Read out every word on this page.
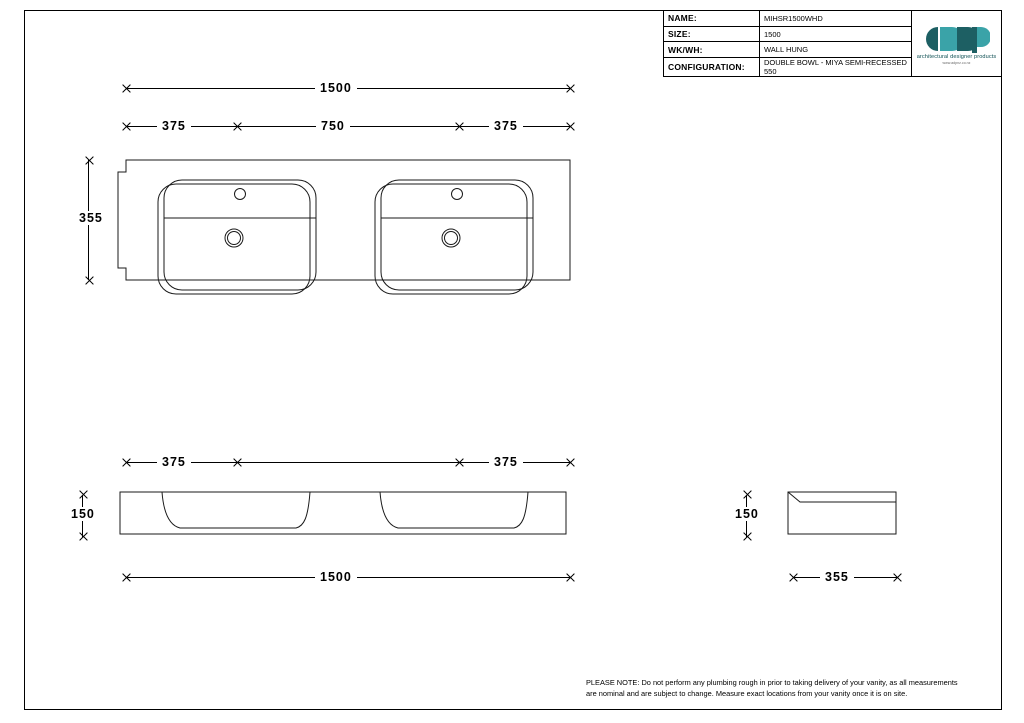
NAME:	MIHSR1500WHD
SIZE:	1500
WK/WH:	WALL HUNG
CONFIGURATION:	DOUBLE BOWL - MIYA SEMI-RECESSED 550
architectural designer products
www.adpnz.co.nz
1500
375	750	375
355
375	375
150
1500
150
355
PLEASE NOTE: Do not perform any plumbing rough in prior to taking delivery of your vanity, as all measurements
are nominal and are subject to change. Measure exact locations from your vanity once it is on site.
